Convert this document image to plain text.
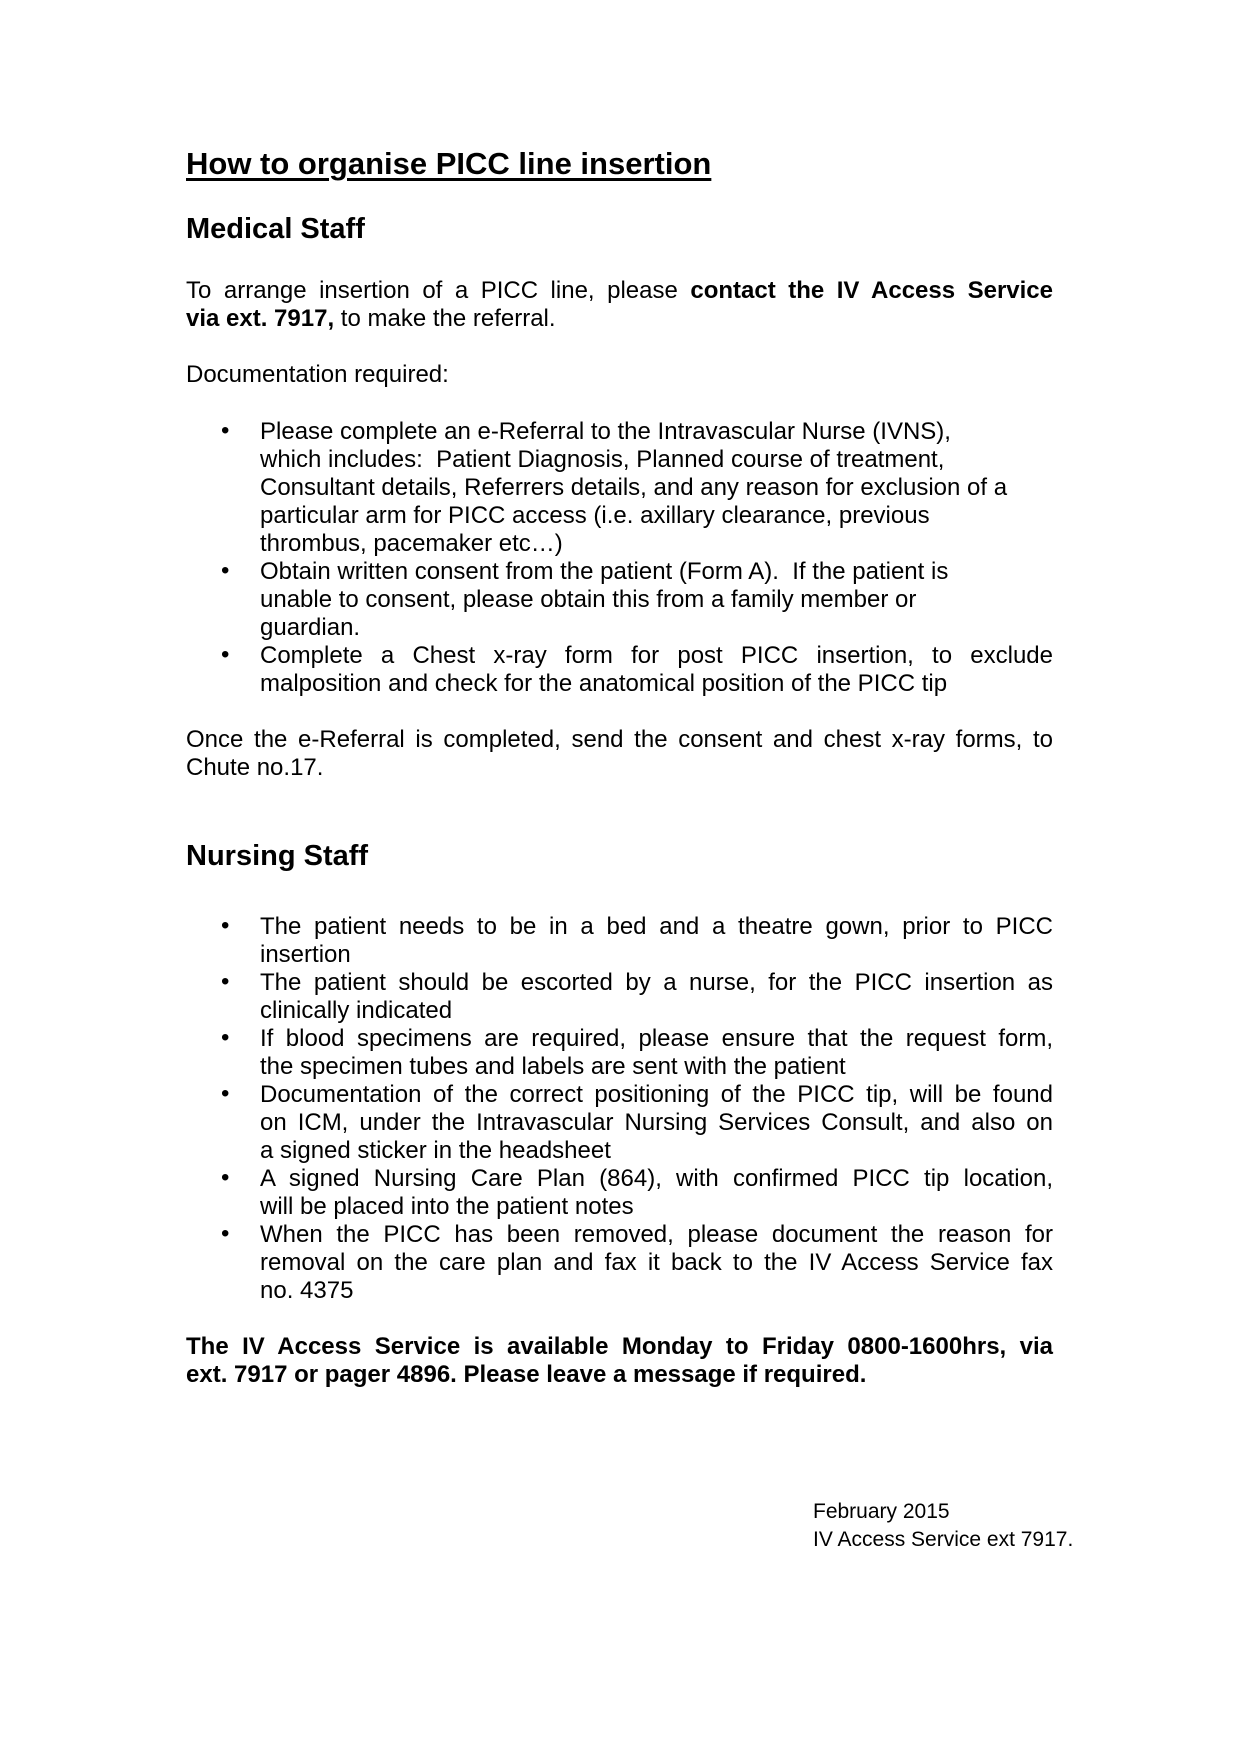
How to organise PICC line insertion
Medical Staff

To arrange insertion of a PICC line, please contact the IV Access Service
via ext. 7917, to make the referral.

Documentation required:

• Please complete an e-Referral to the Intravascular Nurse (IVNS),
which includes:  Patient Diagnosis, Planned course of treatment,
Consultant details, Referrers details, and any reason for exclusion of a
particular arm for PICC access (i.e. axillary clearance, previous
thrombus, pacemaker etc…)
• Obtain written consent from the patient (Form A).  If the patient is
unable to consent, please obtain this from a family member or
guardian.
• Complete a Chest x-ray form for post PICC insertion, to exclude
malposition and check for the anatomical position of the PICC tip

Once the e-Referral is completed, send the consent and chest x-ray forms, to
Chute no.17.

Nursing Staff
• The patient needs to be in a bed and a theatre gown, prior to PICC
insertion
• The patient should be escorted by a nurse, for the PICC insertion as
clinically indicated
• If blood specimens are required, please ensure that the request form,
the specimen tubes and labels are sent with the patient
• Documentation of the correct positioning of the PICC tip, will be found
on ICM, under the Intravascular Nursing Services Consult, and also on
a signed sticker in the headsheet
• A signed Nursing Care Plan (864), with confirmed PICC tip location,
will be placed into the patient notes
• When the PICC has been removed, please document the reason for
removal on the care plan and fax it back to the IV Access Service fax
no. 4375

The IV Access Service is available Monday to Friday 0800-1600hrs, via
ext. 7917 or pager 4896. Please leave a message if required.

February 2015
IV Access Service ext 7917.
